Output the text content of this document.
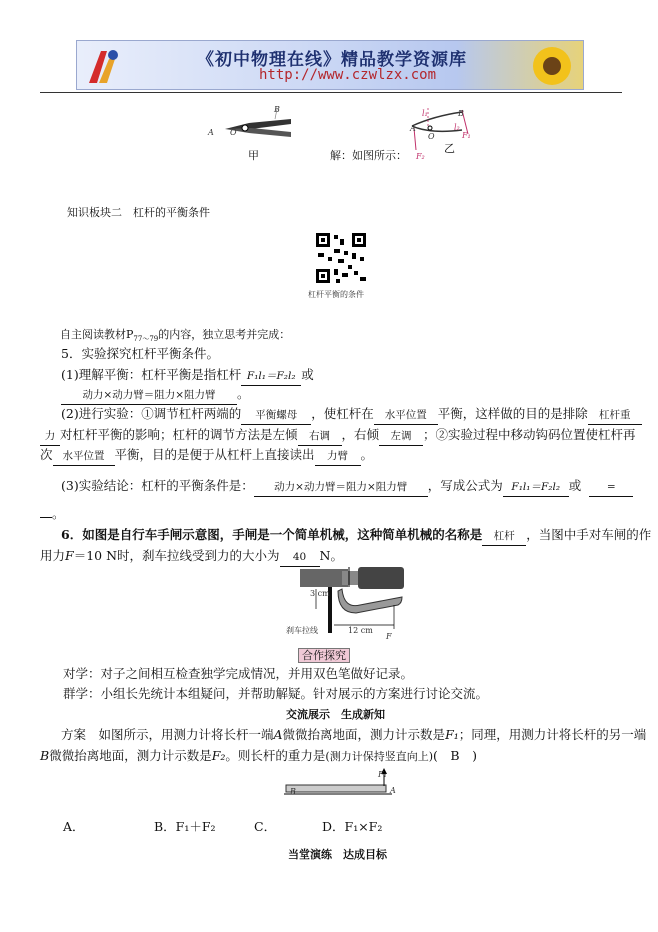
《初中物理在线》精品教学资源库
http://www.czwlzx.com
A O
B
甲	解：如图所示：
l₁
l₂
B
O
A
F₁
F₂
乙
知识板块二　杠杆的平衡条件
杠杆平衡的条件
自主阅读教材$P_{77\sim 79}$的内容，独立思考并完成：
5．实验探究杠杆平衡条件。
(1)理解平衡：杠杆平衡是指杠杆 F₁l₁＝F₂l₂ 或
动力×动力臂＝阻力×阻力臂 。
(2)进行实验：①调节杠杆两端的 平衡螺母 ，使杠杆在 水平位置 平衡，这样做的目的是排除 杠杆重
力 对杠杆平衡的影响；杠杆的调节方法是左倾 右调 ，右倾 左调 ；②实验过程中移动钩码位置使杠杆再
次 水平位置 平衡，目的是便于从杠杆上直接读出 力臂 。
(3)实验结论：杠杆的平衡条件是： 动力×动力臂＝阻力×阻力臂 ，写成公式为 F₁l₁＝F₂l₂ 或 =
。
6．如图是自行车手闸示意图，手闸是一个简单机械，这种简单机械的名称是 杠杆 ，当图中手对车闸的作
用力F＝10 N时，刹车拉线受到力的大小为 40 N。
3 cm
12 cm
刹车拉线
F
合作探究
对学：对子之间相互检查独学完成情况，并用双色笔做好记录。
群学：小组长先统计本组疑问，并帮助解疑。针对展示的方案进行讨论交流。
交流展示　生成新知
方案　如图所示，用测力计将长杆一端A微微抬离地面，测力计示数是F₁；同理，用测力计将长杆的另一端
B微微抬离地面，测力计示数是F₂。则长杆的重力是(测力计保持竖直向上)(　B　)
B	A
F₁
A．	B．F₁＋F₂	C．	D．F₁×F₂
当堂演练　达成目标
